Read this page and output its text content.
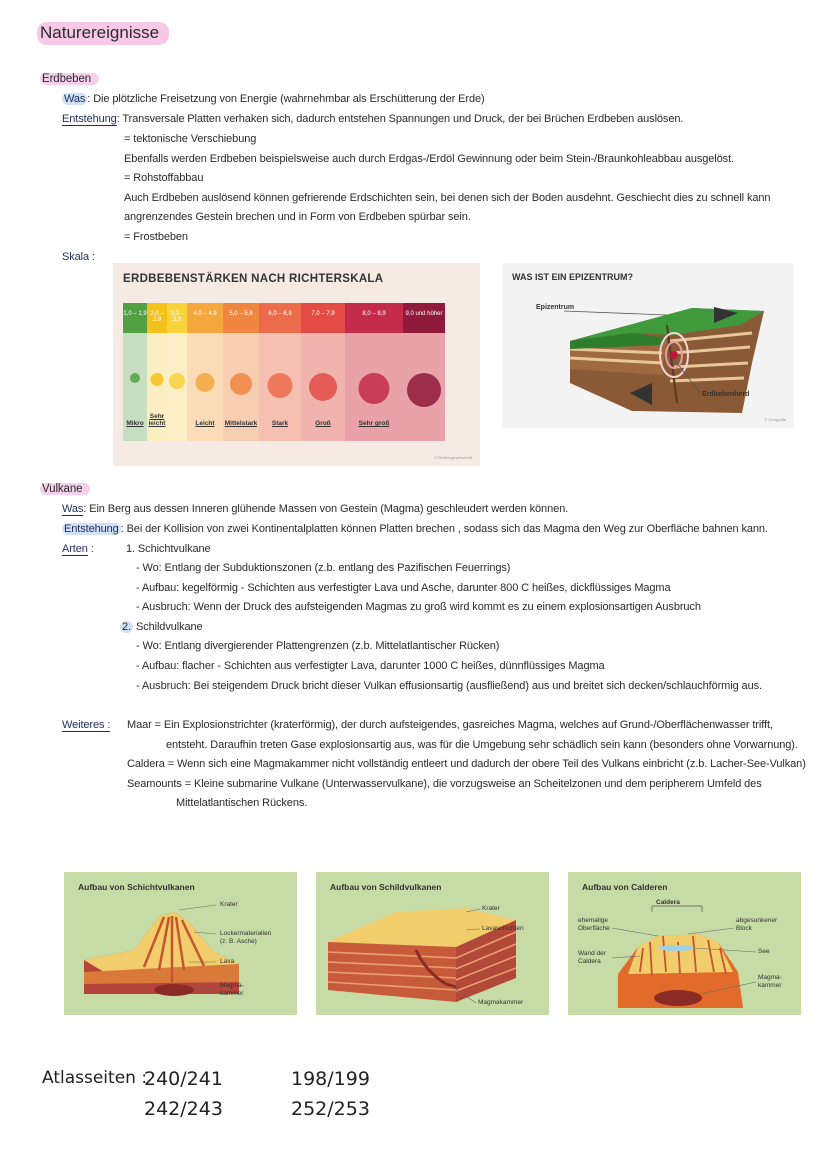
Naturereignisse
Erdbeben
Was : Die plötzliche Freisetzung von Energie (wahrnehmbar als Erschütterung der Erde)
Entstehung: Transversale Platten verhaken sich, dadurch entstehen Spannungen und Druck, der bei Brüchen Erdbeben auslösen.
= tektonische Verschiebung
Ebenfalls werden Erdbeben beispielsweise auch durch Erdgas-/Erdöl Gewinnung oder beim Stein-/Braunkohleabbau ausgelöst.
= Rohstoffabbau
Auch Erdbeben auslösend können gefrierende Erdschichten sein, bei denen sich der Boden ausdehnt. Geschiecht dies zu schnell kann
angrenzendes Gestein brechen und in Form von Erdbeben spürbar sein.
= Frostbeben
Skala :
ERDBEBENSTÄRKEN NACH RICHTERSKALA
1,0 – 1,9
Mikro
2,0 – 2,9
Sehr leicht
3,0 – 3,9
4,0 – 4,9
Leicht
5,0 – 5,9
Mittelstark
6,0 – 6,9
Stark
7,0 – 7,9
Groß
8,0 – 8,9
Sehr groß
9,0 und höher
© Richtergesellschaft
WAS IST EIN EPIZENTRUM?
Epizentrum
Erdbebenherd
© Geografie
Vulkane
Was: Ein Berg aus dessen Inneren glühende Massen von Gestein (Magma) geschleudert werden können.
Entstehung : Bei der Kollision von zwei Kontinentalplatten können Platten brechen , sodass sich das Magma den Weg zur Oberfläche bahnen kann.
Arten :	1. Schichtvulkane
- Wo: Entlang der Subduktionszonen (z.b. entlang des Pazifischen Feuerrings)
- Aufbau: kegelförmig - Schichten aus verfestigter Lava und Asche, darunter 800 C heißes, dickflüssiges Magma
- Ausbruch: Wenn der Druck des aufsteigenden Magmas zu groß wird kommt es zu einem explosionsartigen Ausbruch
2. Schildvulkane
- Wo: Entlang divergierender Plattengrenzen (z.b. Mittelatlantischer Rücken)
- Aufbau: flacher - Schichten aus verfestigter Lava, darunter 1000 C heißes, dünnflüssiges Magma
- Ausbruch: Bei steigendem Druck bricht dieser Vulkan effusionsartig (ausfließend) aus und breitet sich decken/schlauchförmig aus.
Weiteres : Maar = Ein Explosionstrichter (kraterförmig), der durch aufsteigendes, gasreiches Magma, welches auf Grund-/Oberflächenwasser trifft,
entsteht. Daraufhin treten Gase explosionsartig aus, was für die Umgebung sehr schädlich sein kann (besonders ohne Vorwarnung).
Caldera = Wenn sich eine Magmakammer nicht vollständig entleert und dadurch der obere Teil des Vulkans einbricht (z.b. Lacher-See-Vulkan)
Seamounts = Kleine submarine Vulkane (Unterwasservulkane), die vorzugsweise an Scheitelzonen und dem peripherem Umfeld des
Mittelatlantischen Rückens.
Aufbau von Schichtvulkanen
Krater
Lockermaterialien
(z. B. Asche)
Lava
Magma-
kammer
Aufbau von Schildvulkanen
Krater
Lavaschichten
Magmakammer
Aufbau von Calderen
Caldera
ehemalige
Oberfläche
abgesunkener
Block
Wand der
Caldera
See
Magma-
kammer
Atlasseiten :
240/241	198/199
242/243	252/253
